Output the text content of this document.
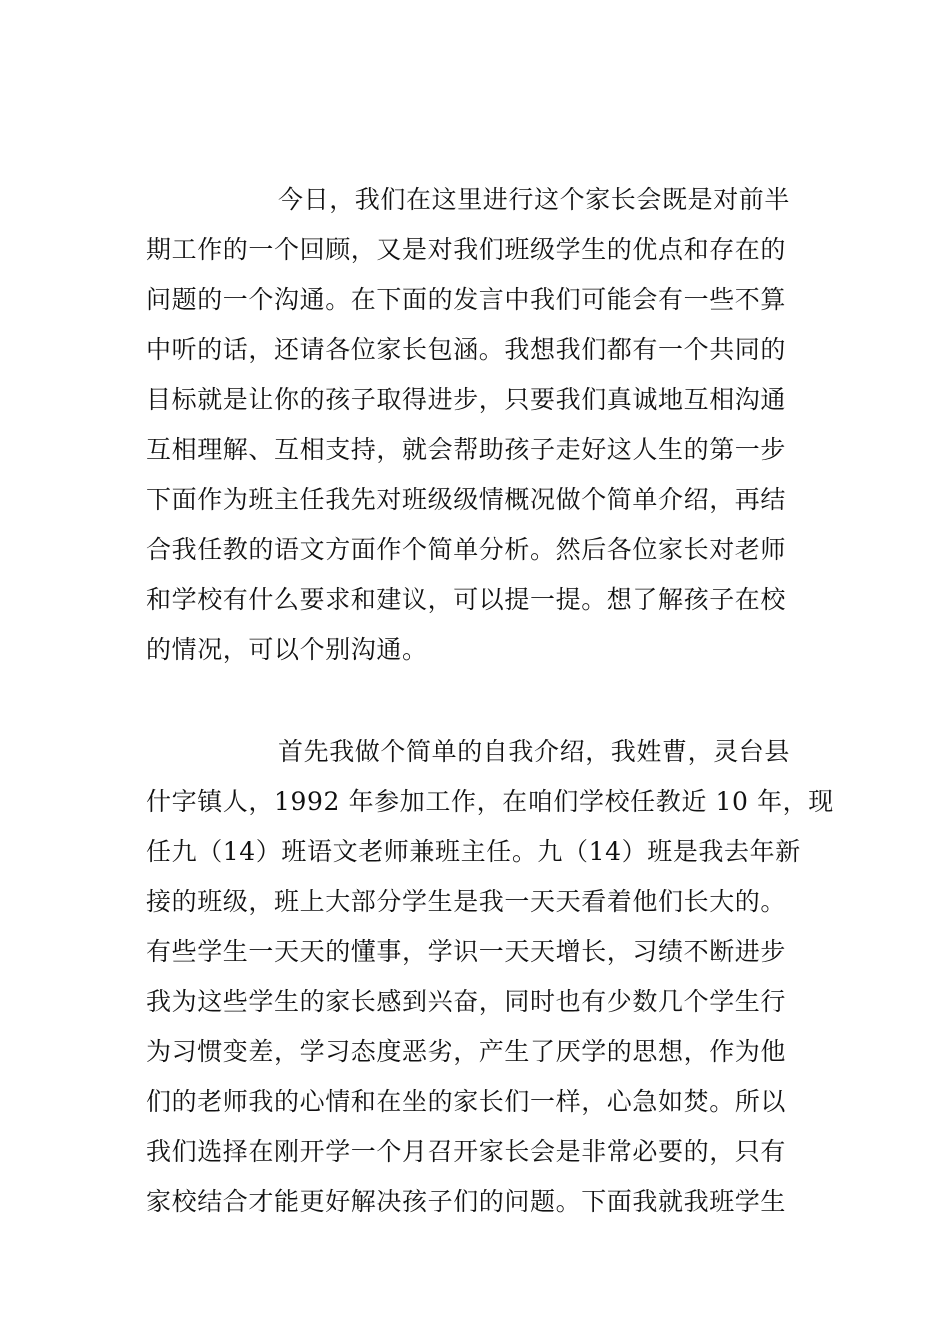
今日，我们在这里进行这个家长会既是对前半
期工作的一个回顾，又是对我们班级学生的优点和存在的
问题的一个沟通。在下面的发言中我们可能会有一些不算
中听的话，还请各位家长包涵。我想我们都有一个共同的
目标就是让你的孩子取得进步，只要我们真诚地互相沟通
互相理解、互相支持，就会帮助孩子走好这人生的第一步
下面作为班主任我先对班级级情概况做个简单介绍，再结
合我任教的语文方面作个简单分析。然后各位家长对老师
和学校有什么要求和建议，可以提一提。想了解孩子在校
的情况，可以个别沟通。
首先我做个简单的自我介绍，我姓曹，灵台县
什字镇人，1992 年参加工作，在咱们学校任教近 10 年，现
任九（14）班语文老师兼班主任。九（14）班是我去年新
接的班级，班上大部分学生是我一天天看着他们长大的。
有些学生一天天的懂事，学识一天天增长，习绩不断进步
我为这些学生的家长感到兴奋，同时也有少数几个学生行
为习惯变差，学习态度恶劣，产生了厌学的思想，作为他
们的老师我的心情和在坐的家长们一样，心急如焚。所以
我们选择在刚开学一个月召开家长会是非常必要的，只有
家校结合才能更好解决孩子们的问题。下面我就我班学生
